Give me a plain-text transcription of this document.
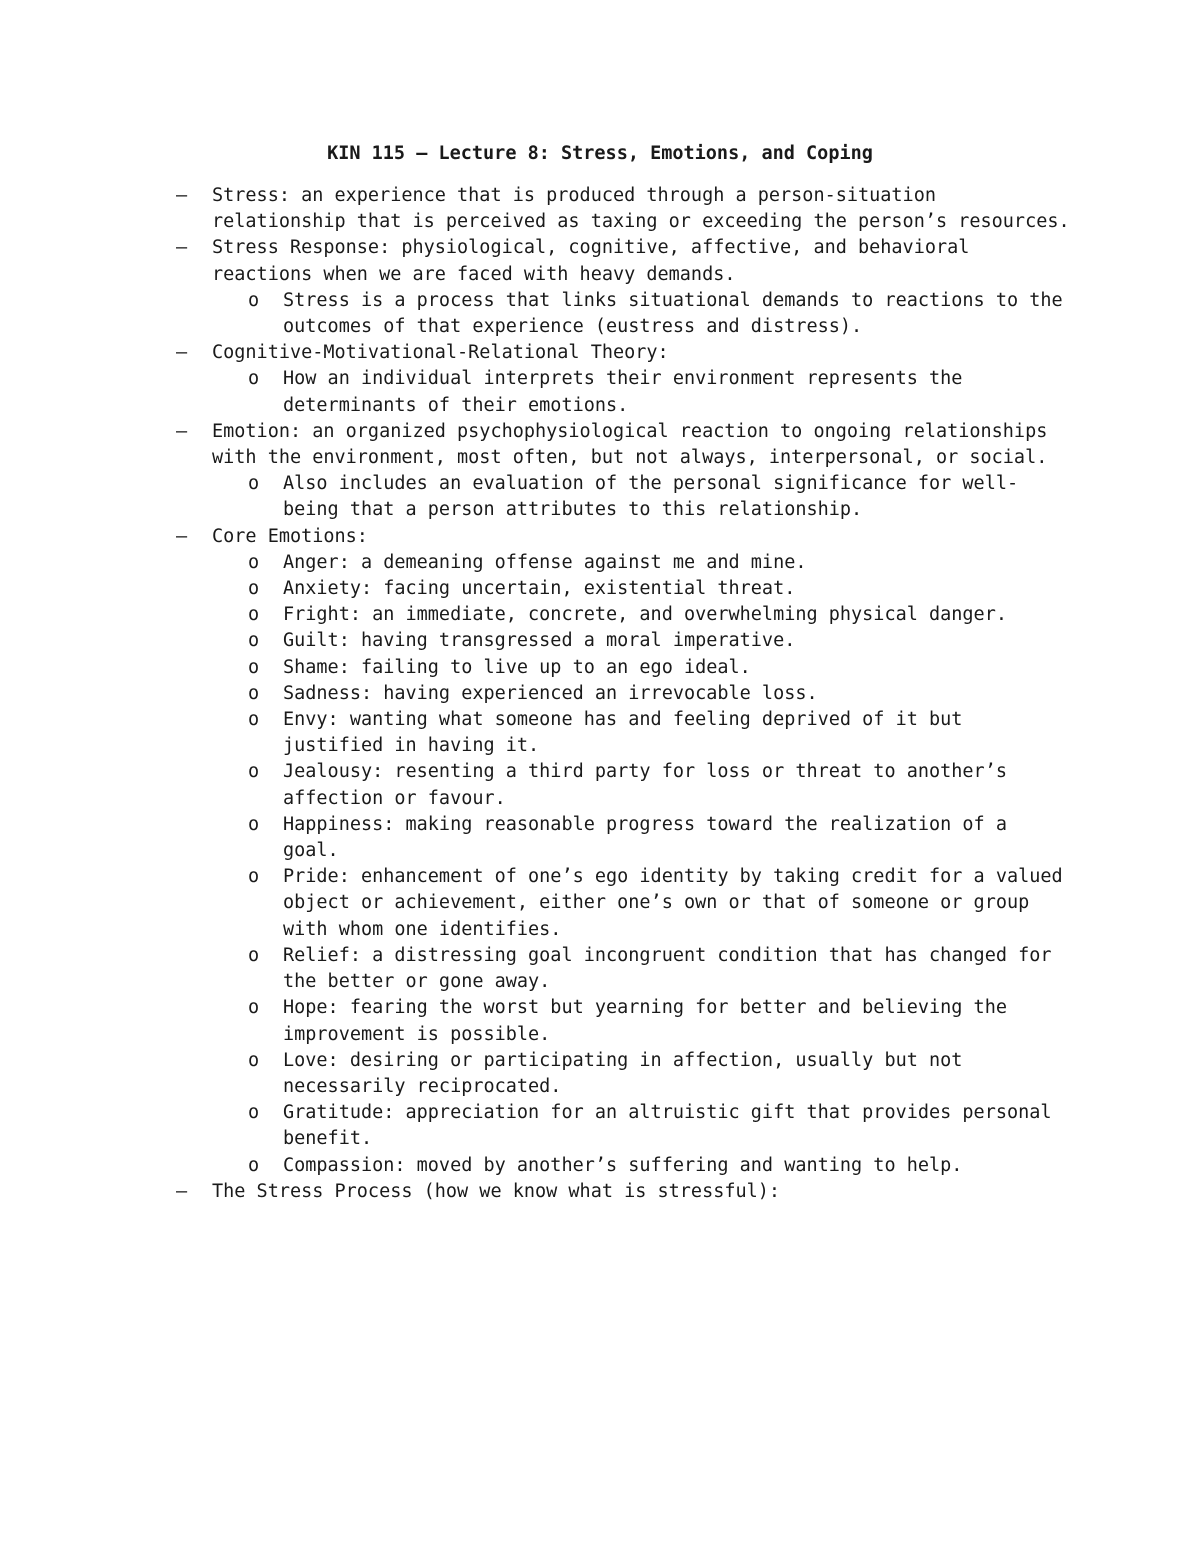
KIN 115 – Lecture 8: Stress, Emotions, and Coping
– Stress: an experience that is produced through a person-situation relationship that is perceived as taxing or exceeding the person’s resources.
– Stress Response: physiological, cognitive, affective, and behavioral reactions when we are faced with heavy demands.
o Stress is a process that links situational demands to reactions to the outcomes of that experience (eustress and distress).
– Cognitive-Motivational-Relational Theory:
o How an individual interprets their environment represents the determinants of their emotions.
– Emotion: an organized psychophysiological reaction to ongoing relationships with the environment, most often, but not always, interpersonal, or social.
o Also includes an evaluation of the personal significance for well-being that a person attributes to this relationship.
– Core Emotions:
o Anger: a demeaning offense against me and mine.
o Anxiety: facing uncertain, existential threat.
o Fright: an immediate, concrete, and overwhelming physical danger.
o Guilt: having transgressed a moral imperative.
o Shame: failing to live up to an ego ideal.
o Sadness: having experienced an irrevocable loss.
o Envy: wanting what someone has and feeling deprived of it but justified in having it.
o Jealousy: resenting a third party for loss or threat to another’s affection or favour.
o Happiness: making reasonable progress toward the realization of a goal.
o Pride: enhancement of one’s ego identity by taking credit for a valued object or achievement, either one’s own or that of someone or group with whom one identifies.
o Relief: a distressing goal incongruent condition that has changed for the better or gone away.
o Hope: fearing the worst but yearning for better and believing the improvement is possible.
o Love: desiring or participating in affection, usually but not necessarily reciprocated.
o Gratitude: appreciation for an altruistic gift that provides personal benefit.
o Compassion: moved by another’s suffering and wanting to help.
– The Stress Process (how we know what is stressful):
